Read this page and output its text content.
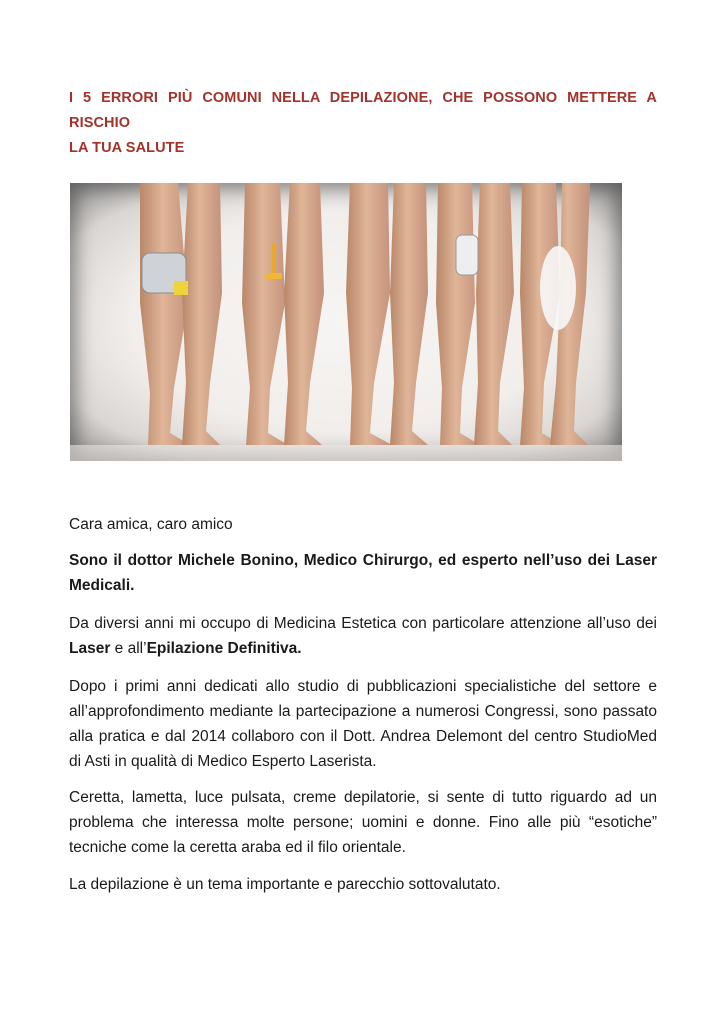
I 5 ERRORI PIÙ COMUNI NELLA DEPILAZIONE, CHE POSSONO METTERE A RISCHIO
LA TUA SALUTE
Cara amica, caro amico
Sono il dottor Michele Bonino, Medico Chirurgo, ed esperto nell’uso dei Laser
Medicali.
Da diversi anni mi occupo di Medicina Estetica con particolare attenzione all’uso dei
Laser e all’Epilazione Definitiva.
Dopo i primi anni dedicati allo studio di pubblicazioni specialistiche del settore e
all’approfondimento mediante la partecipazione a numerosi Congressi, sono passato
alla pratica e dal 2014 collaboro con il Dott. Andrea Delemont del centro StudioMed
di Asti in qualità di Medico Esperto Laserista.
Ceretta, lametta, luce pulsata, creme depilatorie, si sente di tutto riguardo ad un
problema che interessa molte persone; uomini e donne. Fino alle più “esotiche”
tecniche come la ceretta araba ed il filo orientale.
La depilazione è un tema importante e parecchio sottovalutato.
